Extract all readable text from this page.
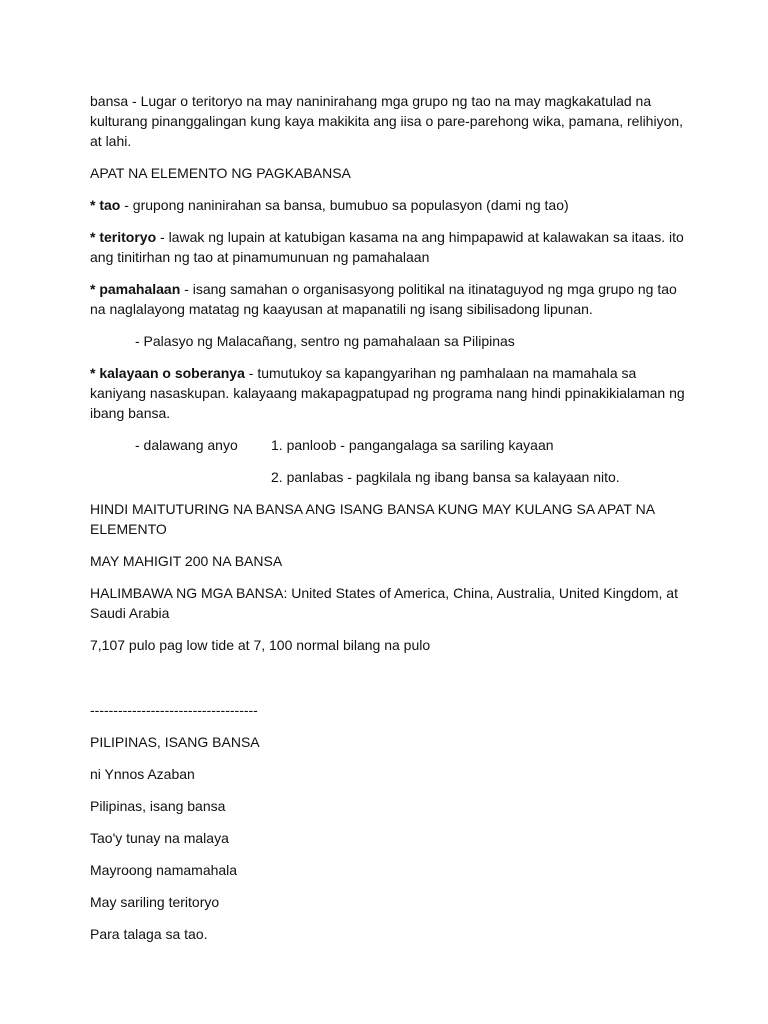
bansa - Lugar o teritoryo na may naninirahang mga grupo ng tao na may magkakatulad na kulturang pinanggalingan kung kaya makikita ang iisa o pare-parehong wika, pamana, relihiyon, at lahi.

APAT NA ELEMENTO NG PAGKABANSA

* tao - grupong naninirahan sa bansa, bumubuo sa populasyon (dami ng tao)

* teritoryo - lawak ng lupain at katubigan kasama na ang himpapawid at kalawakan sa itaas. ito ang tinitirhan ng tao at pinamumunuan ng pamahalaan

* pamahalaan - isang samahan o organisasyong politikal na itinataguyod ng mga grupo ng tao na naglalayong matatag ng kaayusan at mapanatili ng isang sibilisadong lipunan.

- Palasyo ng Malacañang, sentro ng pamahalaan sa Pilipinas

* kalayaan o soberanya - tumutukoy sa kapangyarihan ng pamhalaan na mamahala sa kaniyang nasaskupan. kalayaang makapagpatupad ng programa nang hindi ppinakikialaman ng ibang bansa.

- dalawang anyo	1. panloob - pangangalaga sa sariling kayaan
2. panlabas - pagkilala ng ibang bansa sa kalayaan nito.

HINDI MAITUTURING NA BANSA ANG ISANG BANSA KUNG MAY KULANG SA APAT NA ELEMENTO

MAY MAHIGIT 200 NA BANSA

HALIMBAWA NG MGA BANSA: United States of America, China, Australia, United Kingdom, at Saudi Arabia

7,107 pulo pag low tide at 7, 100 normal bilang na pulo

------------------------------------

PILIPINAS, ISANG BANSA

ni Ynnos Azaban

Pilipinas, isang bansa

Tao'y tunay na malaya

Mayroong namamahala

May sariling teritoryo

Para talaga sa tao.
